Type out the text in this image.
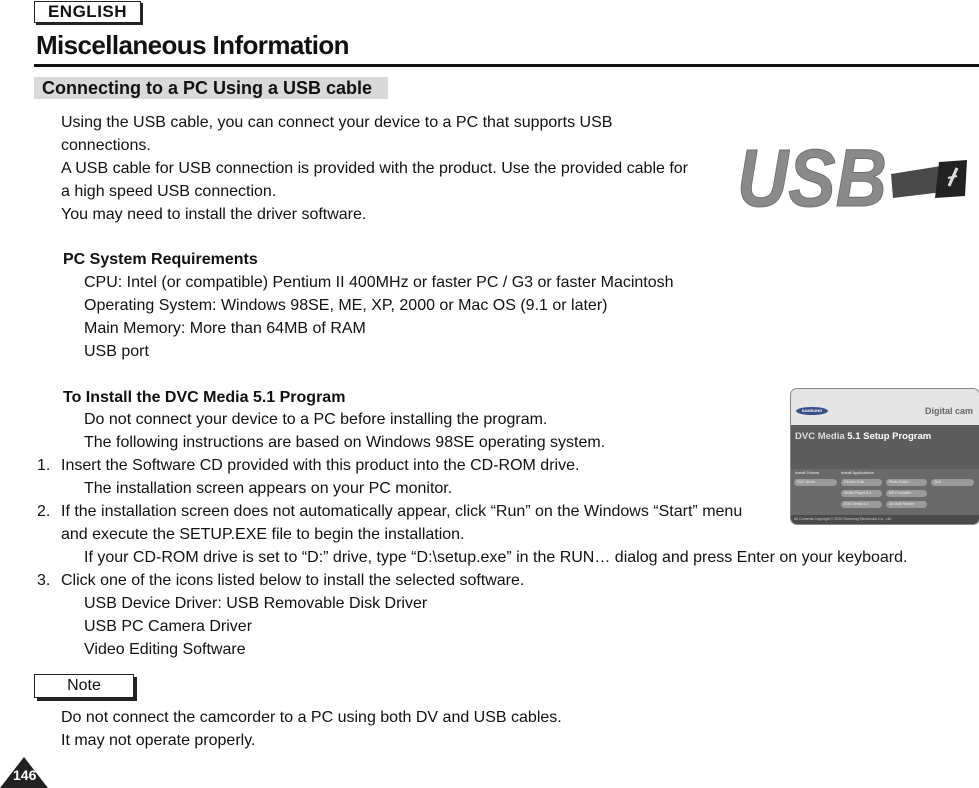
ENGLISH
Miscellaneous Information
Connecting to a PC Using a USB cable
Using the USB cable, you can connect your device to a PC that supports USB
connections.
A USB cable for USB connection is provided with the product. Use the provided cable for
a high speed USB connection.
You may need to install the driver software.	USB
PC System Requirements
CPU: Intel (or compatible) Pentium II 400MHz or faster PC / G3 or faster Macintosh
Operating System: Windows 98SE, ME, XP, 2000 or Mac OS (9.1 or later)
Main Memory: More than 64MB of RAM
USB port
To Install the DVC Media 5.1 Program
Do not connect your device to a PC before installing the program.
The following instructions are based on Windows 98SE operating system.
1. Insert the Software CD provided with this product into the CD-ROM drive.
The installation screen appears on your PC monitor.
2. If the installation screen does not automatically appear, click “Run” on the Windows “Start” menu
and execute the SETUP.EXE file to begin the installation.
If your CD-ROM drive is set to “D:” drive, type “D:\setup.exe” in the RUN… dialog and press Enter on your keyboard.
3. Click one of the icons listed below to install the selected software.
USB Device Driver: USB Removable Disk Driver
USB PC Camera Driver
Video Editing Software
SAMSUNG	Digital cam
DVC Media 5.1 Setup Program
Install Drivers	Install Applications
DVC Driver	DirectX 8.0a	Photo Editor	Quit
Media Player 6.4	MS Formatter
DVC Media 5.1	Acrobat Reader
All Contents Copyright © 2003 Samsung Electronics Co., Ltd.
Note
Do not connect the camcorder to a PC using both DV and USB cables.
It may not operate properly.
146
